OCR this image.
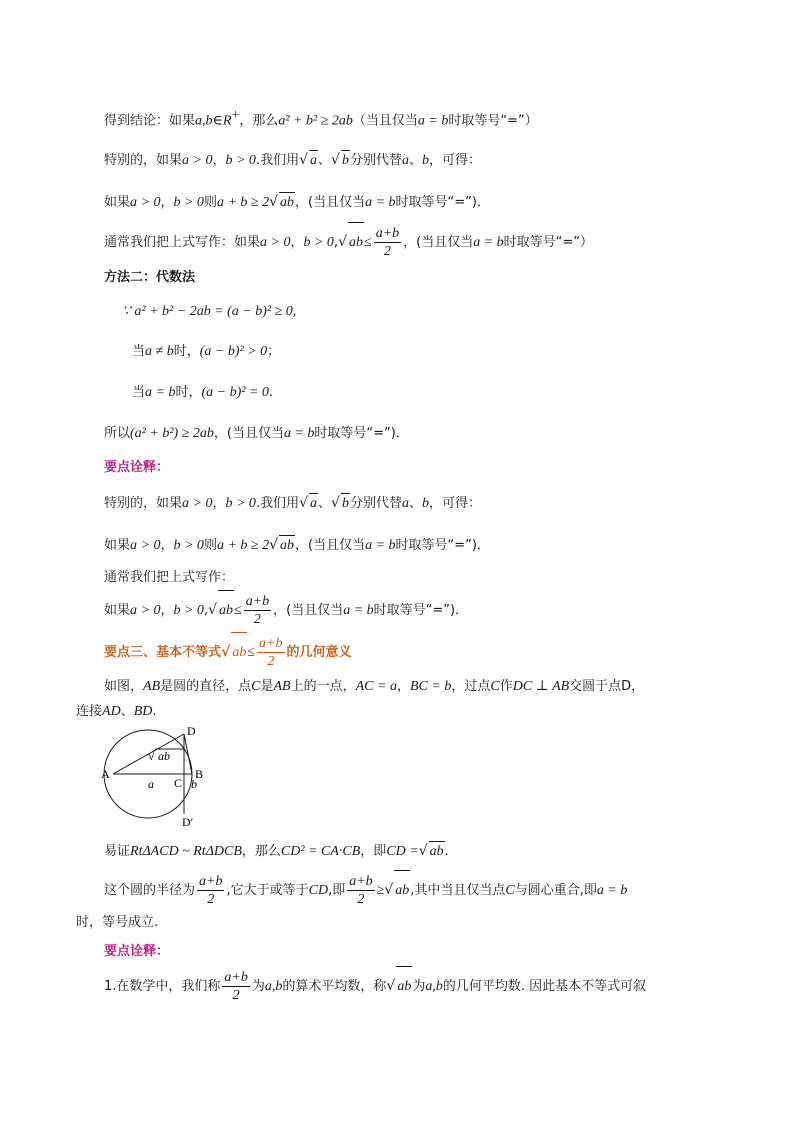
得到结论：如果a,b∈R+，那么a² + b² ≥ 2ab（当且仅当a = b时取等号“=”）
特别的，如果a > 0，b > 0.我们用√ a、√ b分别代替a、b，可得：
如果a > 0，b > 0则a + b ≥ 2√ ab，(当且仅当a = b时取等号“=”)．
通常我们把上式写作：如果a > 0，b > 0,√ $ab\le \frac{a+b}{2}$ ，(当且仅当a = b时取等号“=”）
方法二：代数法
∵ a² + b² − 2ab = (a − b)² ≥ 0,
当a ≠ b时，(a − b)² > 0；
当a = b时，(a − b)² = 0.
所以(a² + b²) ≥ 2ab，(当且仅当a = b时取等号“=”)．
要点诠释：
特别的，如果a > 0，b > 0.我们用√ a、√ b分别代替a、b，可得：
如果a > 0，b > 0则a + b ≥ 2√ ab，(当且仅当a = b时取等号“=”)．
通常我们把上式写作：
如果a > 0，b > 0,√ $ab\le \frac{a+b}{2}$ ，(当且仅当a = b时取等号“=”)．
要点三、基本不等式√ $ab\le \frac{a+b}{2}$ 的几何意义
如图，AB是圆的直径，点C是AB上的一点，AC = a，BC = b，过点C作DC ⊥ AB交圆于点D，
连接AD、BD.
A	B
D
D′
C
a	b
√ ab
易证RtΔACD ~ RtΔDCB，那么CD² = CA·CB，即CD =√ ab.
这个圆的半径为 $\frac{a+b}{2}$ ,它大于或等于CD,即 $\frac{a+b}{2}$ ≥√ ab,其中当且仅当点C与圆心重合,即a = b
时，等号成立.
要点诠释：
1.在数学中，我们称 $\frac{a+b}{2}$ 为a,b的算术平均数，称√ ab为a,b的几何平均数. 因此基本不等式可叙
